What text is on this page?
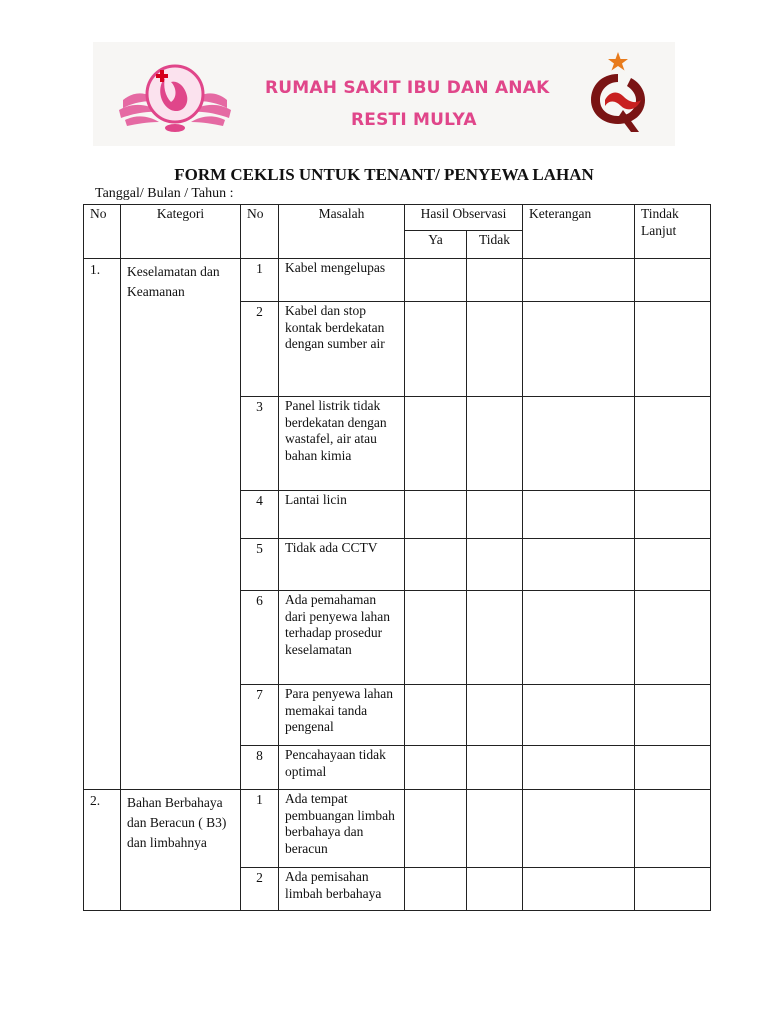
RUMAH SAKIT IBU DAN ANAK
RESTI MULYA
FORM CEKLIS UNTUK TENANT/ PENYEWA LAHAN
Tanggal/ Bulan / Tahun :
No	Kategori	No	Masalah	Hasil Observasi		Keterangan	Tindak Lanjut
				Ya	Tidak		
1.	Keselamatan dan Keamanan	1	Kabel mengelupas				
		2	Kabel dan stop kontak berdekatan dengan sumber air				
		3	Panel listrik tidak berdekatan dengan wastafel, air atau bahan kimia				
		4	Lantai licin				
		5	Tidak ada CCTV				
		6	Ada pemahaman dari penyewa lahan terhadap prosedur keselamatan				
		7	Para penyewa lahan memakai tanda pengenal				
		8	Pencahayaan tidak optimal				
2.	Bahan Berbahaya dan Beracun ( B3) dan limbahnya	1	Ada tempat pembuangan limbah berbahaya dan beracun				
		2	Ada pemisahan limbah berbahaya				
